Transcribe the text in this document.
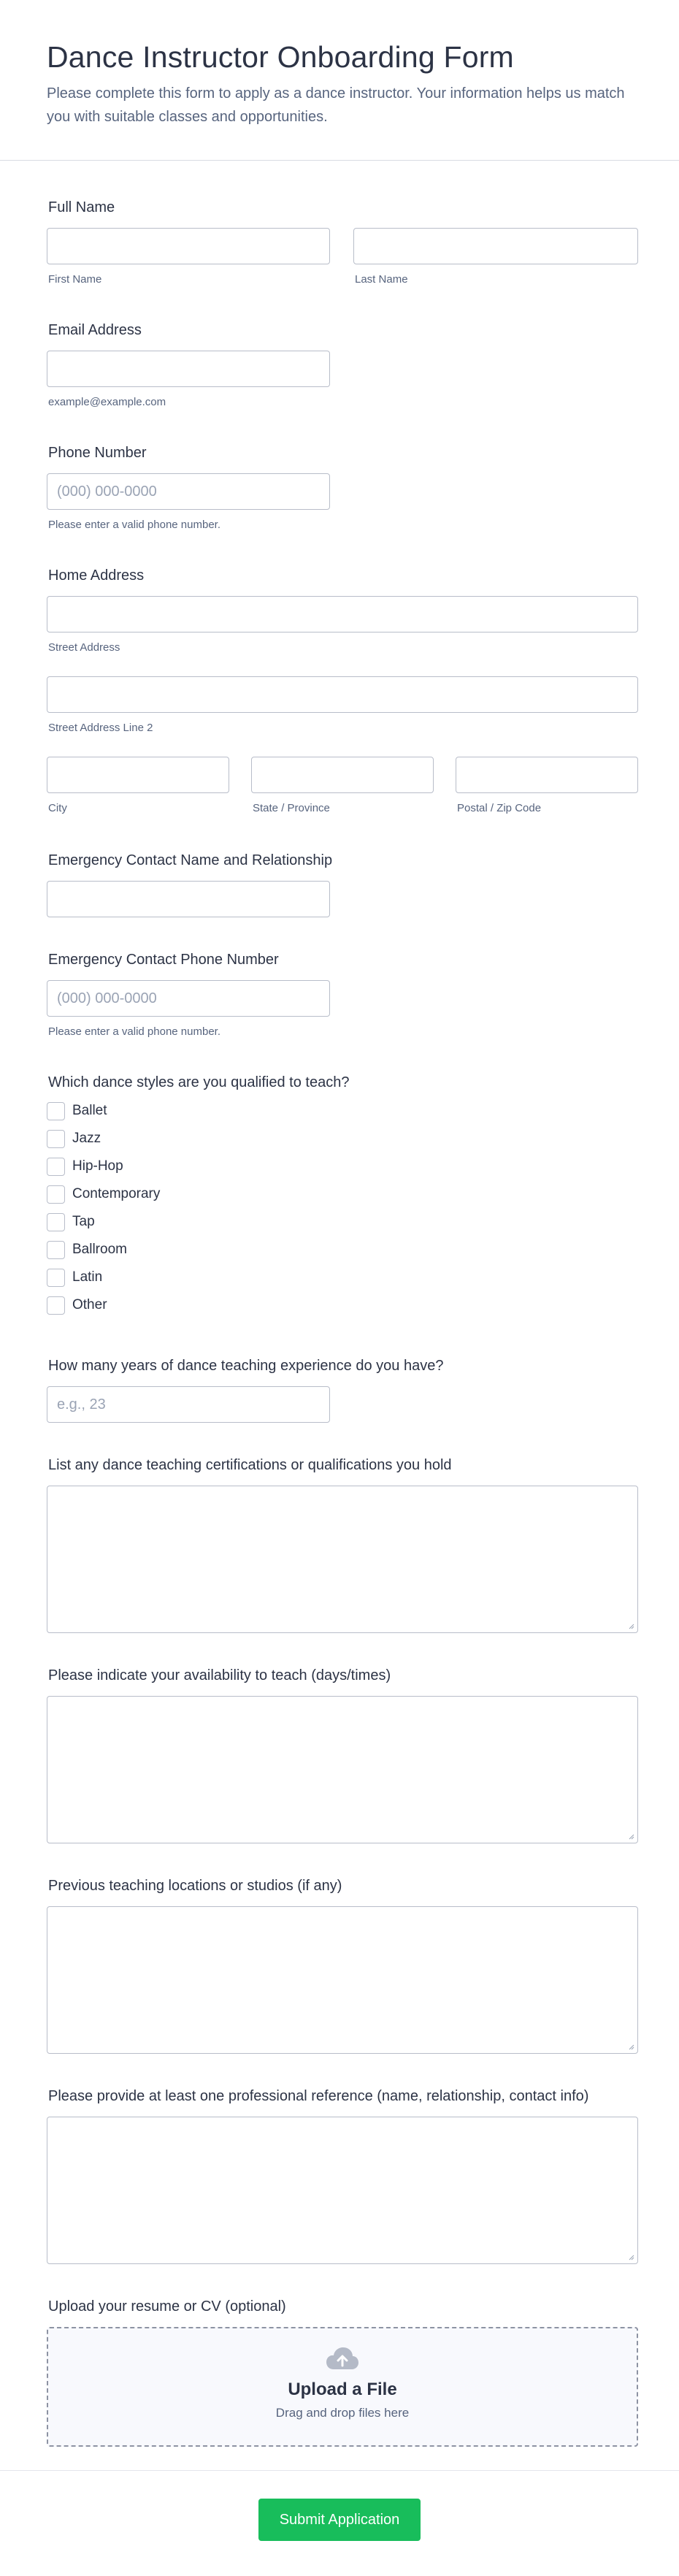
Dance Instructor Onboarding Form

Please complete this form to apply as a dance instructor. Your information helps us match you with suitable classes and opportunities.

Full Name
First Name	Last Name
Email Address
example@example.com
Phone Number
(000) 000-0000
Please enter a valid phone number.
Home Address
Street Address
Street Address Line 2
City	State / Province	Postal / Zip Code
Emergency Contact Name and Relationship
Emergency Contact Phone Number
(000) 000-0000
Please enter a valid phone number.
Which dance styles are you qualified to teach?
Ballet
Jazz
Hip-Hop
Contemporary
Tap
Ballroom
Latin
Other
How many years of dance teaching experience do you have?
e.g., 23
List any dance teaching certifications or qualifications you hold
Please indicate your availability to teach (days/times)
Previous teaching locations or studios (if any)
Please provide at least one professional reference (name, relationship, contact info)
Upload your resume or CV (optional)
Upload a File
Drag and drop files here
Submit Application
